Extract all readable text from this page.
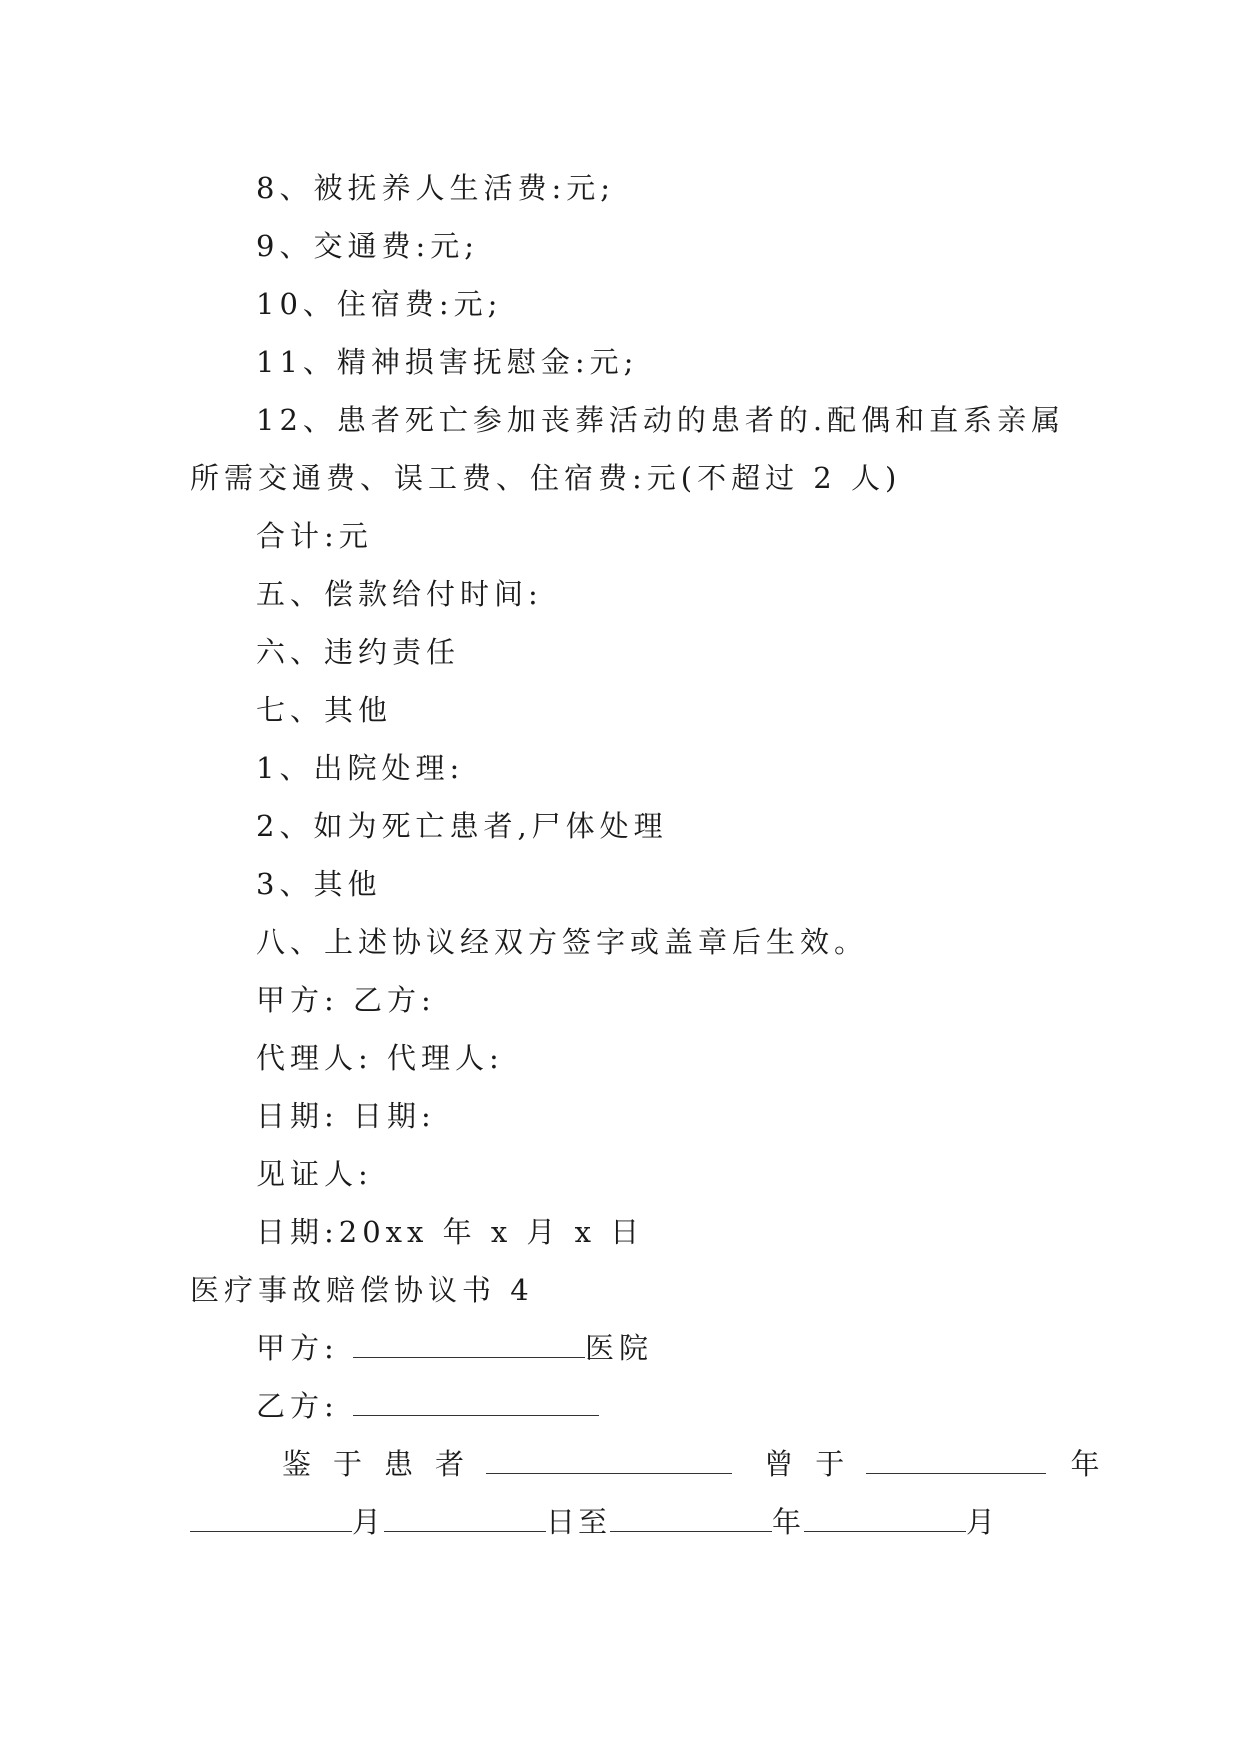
8、被抚养人生活费:元;
9、交通费:元;
10、住宿费:元;
11、精神损害抚慰金:元;
12、患者死亡参加丧葬活动的患者的.配偶和直系亲属
所需交通费、误工费、住宿费:元(不超过 2 人)
合计:元
五、偿款给付时间:
六、违约责任
七、其他
1、出院处理:
2、如为死亡患者,尸体处理
3、其他
八、上述协议经双方签字或盖章后生效。
甲方: 乙方:
代理人: 代理人:
日期: 日期:
见证人:
日期:20xx 年 x 月 x 日
医疗事故赔偿协议书 4
甲方:	医院
乙方:
鉴于患者	曾于	年
月	日至	年	月
